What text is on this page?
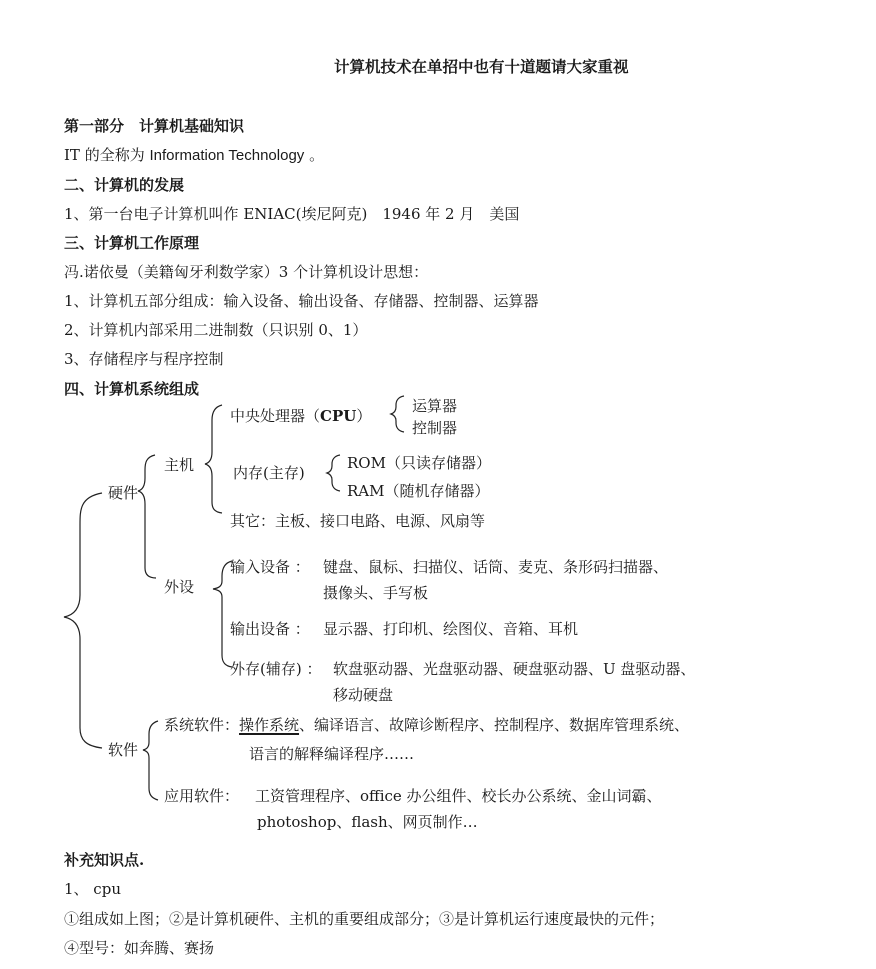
计算机技术在单招中也有十道题请大家重视
第一部分　计算机基础知识
IT 的全称为 Information Technology 。
二、计算机的发展
1、第一台电子计算机叫作 ENIAC(埃尼阿克)　1946 年 2 月　美国
三、计算机工作原理
冯.诺依曼（美籍匈牙利数学家）3 个计算机设计思想：
1、计算机五部分组成：输入设备、输出设备、存储器、控制器、运算器
2、计算机内部采用二进制数（只识别 0、1）
3、存储程序与程序控制
四、计算机系统组成
硬件
主机
中央处理器（CPU）
运算器
控制器
内存(主存)
ROM（只读存储器）
RAM（随机存储器）
其它：主板、接口电路、电源、风扇等
外设
输入设备 ： 键盘、鼠标、扫描仪、话筒、麦克、条形码扫描器、
摄像头、手写板
输出设备 ： 显示器、打印机、绘图仪、音箱、耳机
外存(辅存) ： 软盘驱动器、光盘驱动器、硬盘驱动器、U 盘驱动器、
移动硬盘
软件
系统软件：操作系统、编译语言、故障诊断程序、控制程序、数据库管理系统、
语言的解释编译程序……
应用软件： 工资管理程序、office 办公组件、校长办公系统、金山词霸、
photoshop、flash、网页制作…
补充知识点.
1、 cpu
①组成如上图；②是计算机硬件、主机的重要组成部分；③是计算机运行速度最快的元件；
④型号：如奔腾、赛扬
